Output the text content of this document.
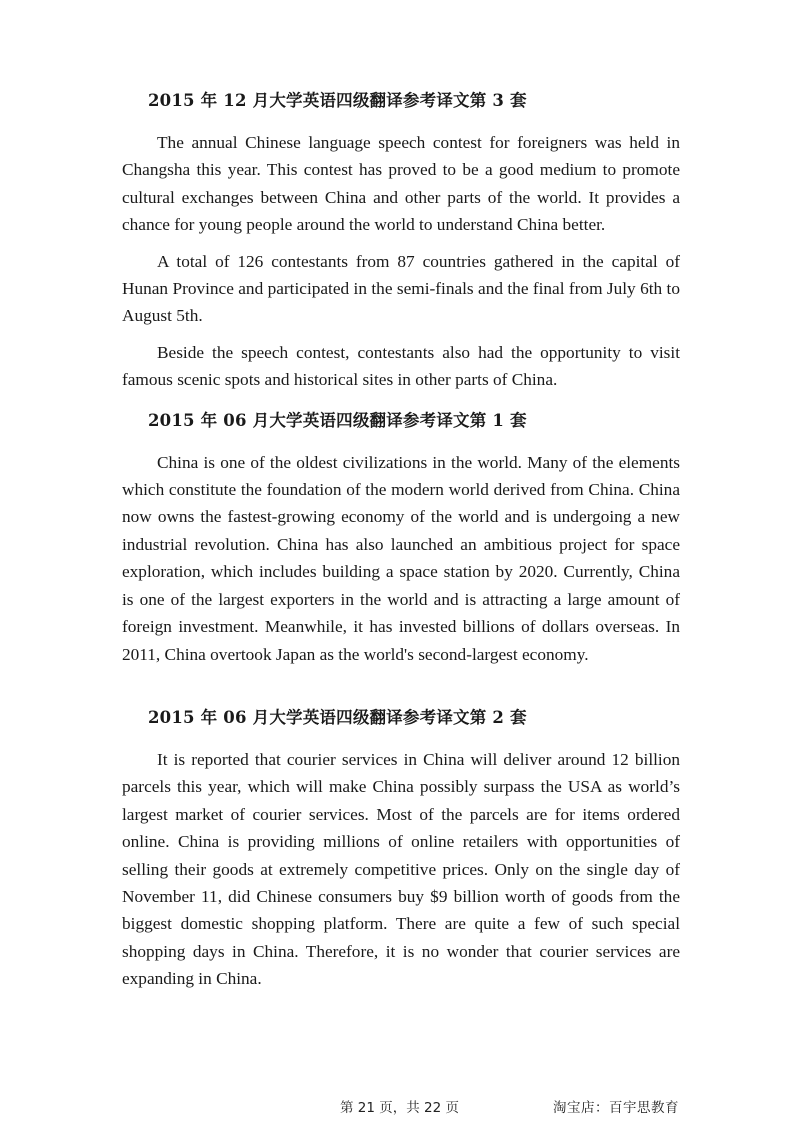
2015 年 12 月大学英语四级翻译参考译文第 3 套

The annual Chinese language speech contest for foreigners was held in Changsha this year. This contest has proved to be a good medium to promote cultural exchanges between China and other parts of the world. It provides a chance for young people around the world to understand China better.

A total of 126 contestants from 87 countries gathered in the capital of Hunan Province and participated in the semi-finals and the final from July 6th to August 5th.

Beside the speech contest, contestants also had the opportunity to visit famous scenic spots and historical sites in other parts of China.

2015 年 06 月大学英语四级翻译参考译文第 1 套

China is one of the oldest civilizations in the world. Many of the elements which constitute the foundation of the modern world derived from China. China now owns the fastest-growing economy of the world and is undergoing a new industrial revolution. China has also launched an ambitious project for space exploration, which includes building a space station by 2020. Currently, China is one of the largest exporters in the world and is attracting a large amount of foreign investment. Meanwhile, it has invested billions of dollars overseas. In 2011, China overtook Japan as the world's second-largest economy.

2015 年 06 月大学英语四级翻译参考译文第 2 套

It is reported that courier services in China will deliver around 12 billion parcels this year, which will make China possibly surpass the USA as world’s largest market of courier services. Most of the parcels are for items ordered online. China is providing millions of online retailers with opportunities of selling their goods at extremely competitive prices. Only on the single day of November 11, did Chinese consumers buy $9 billion worth of goods from the biggest domestic shopping platform. There are quite a few of such special shopping days in China. Therefore, it is no wonder that courier services are expanding in China.

第 21 页，共 22 页	淘宝店：百宇思教育
